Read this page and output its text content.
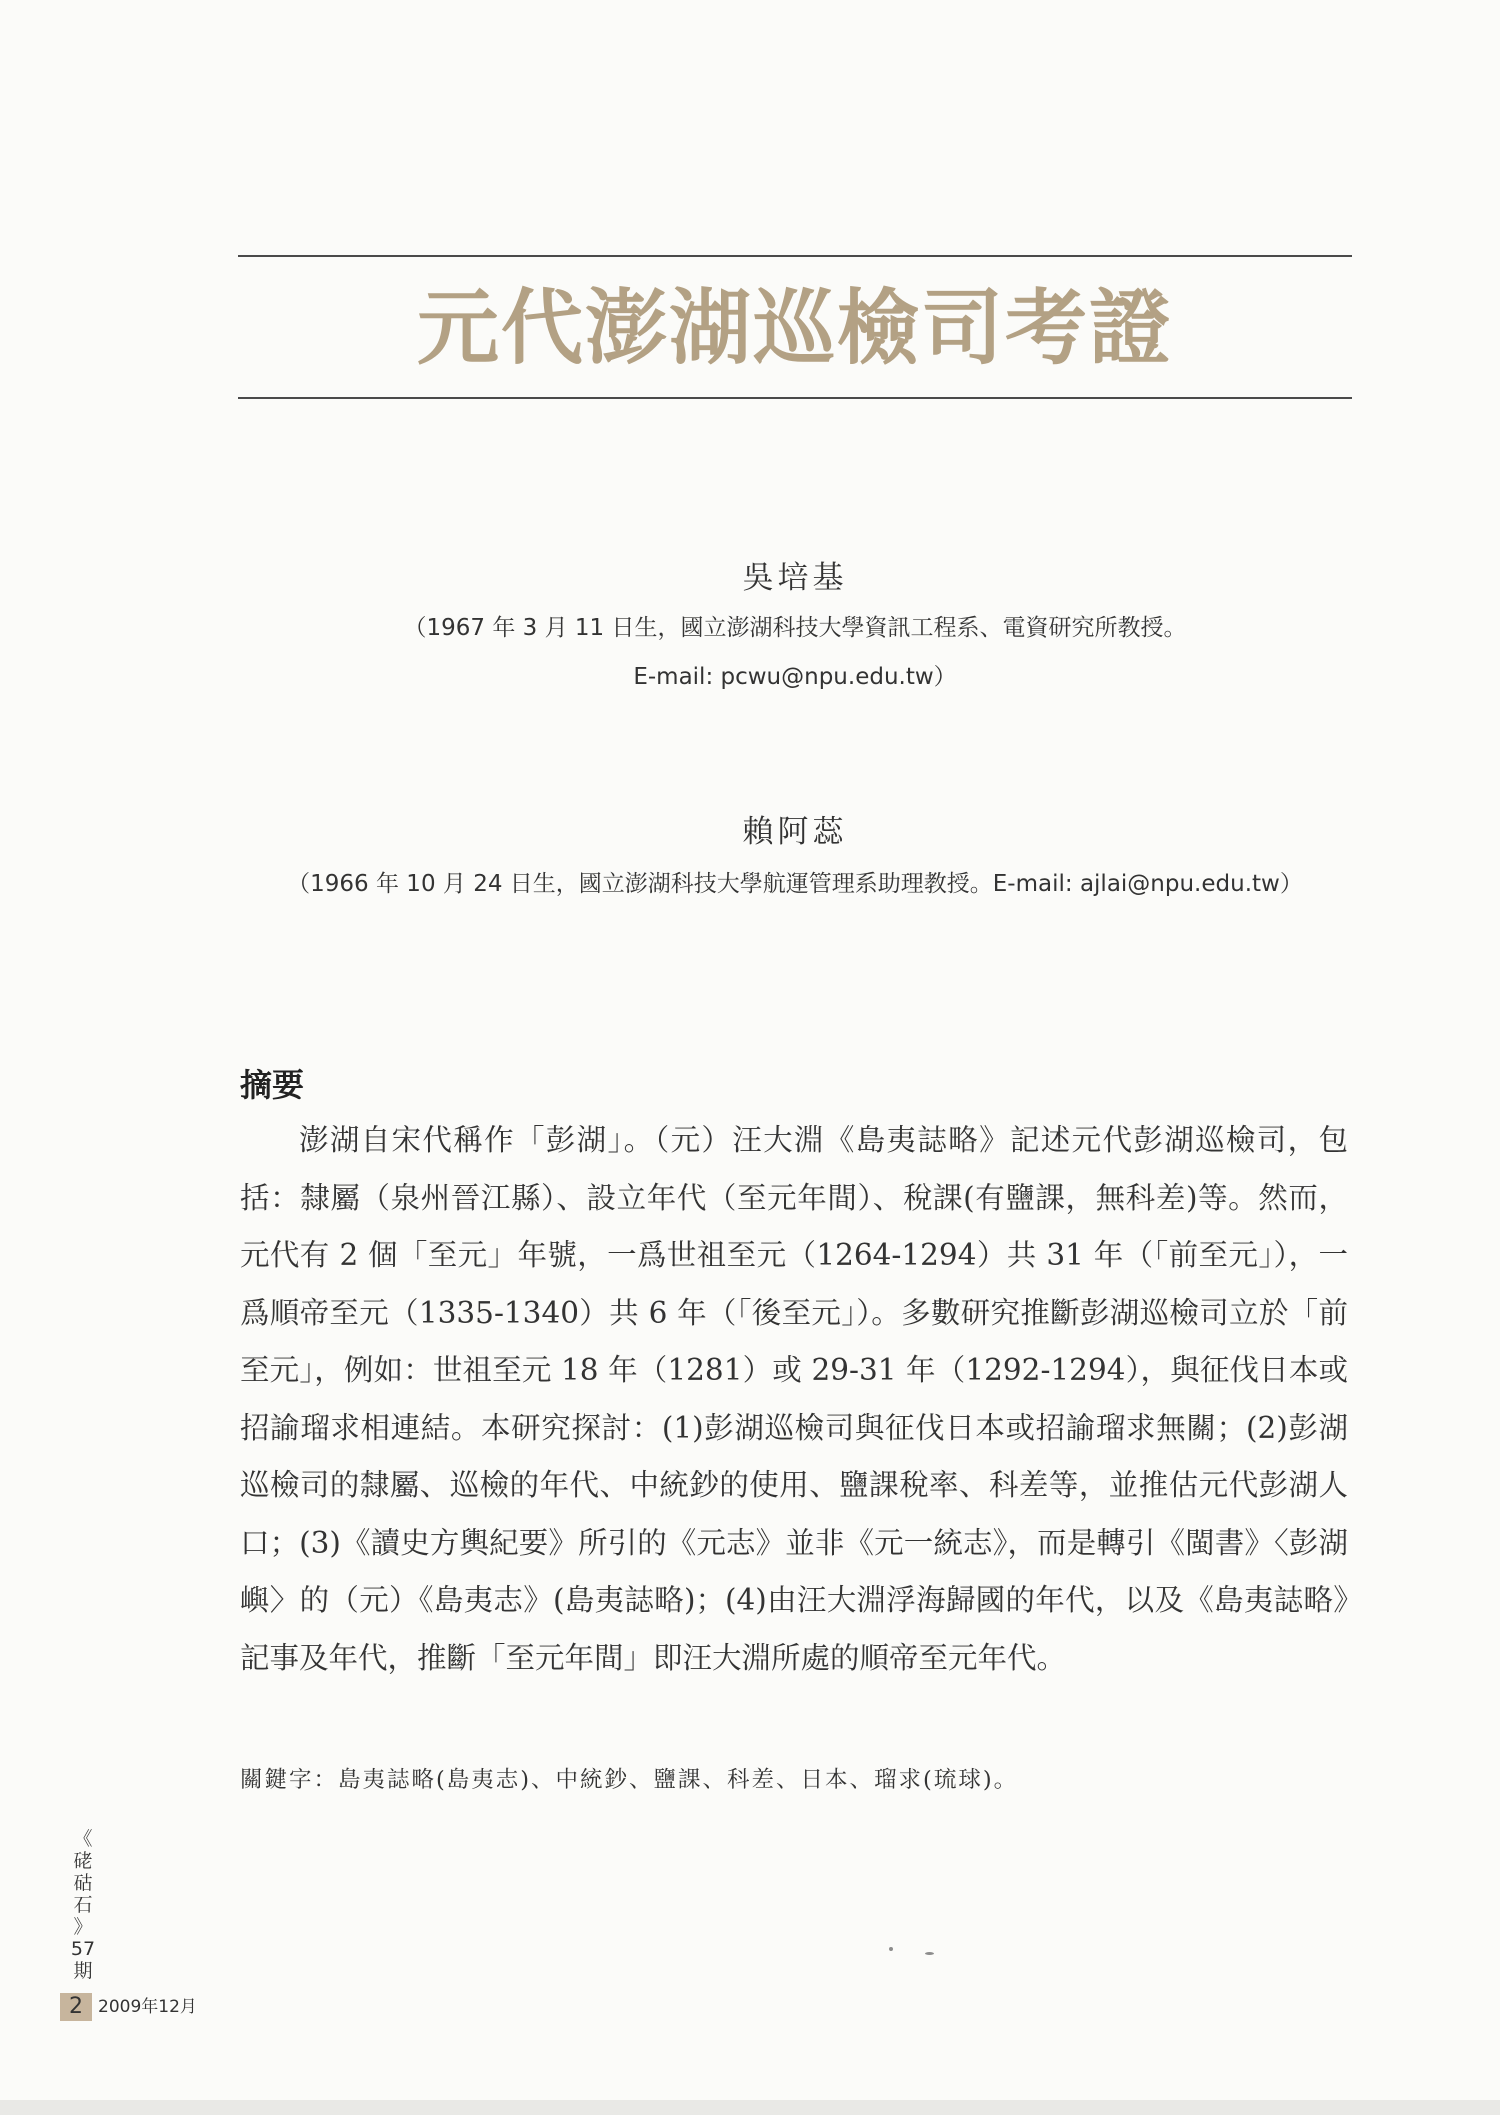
元代澎湖巡檢司考證
吳培基
（1967 年 3 月 11 日生，國立澎湖科技大學資訊工程系、電資研究所教授。
E-mail: pcwu@npu.edu.tw）
賴阿蕊
（1966 年 10 月 24 日生，國立澎湖科技大學航運管理系助理教授。E-mail: ajlai@npu.edu.tw）
摘要

澎湖自宋代稱作「彭湖」。（元）汪大淵《島夷誌略》記述元代彭湖巡檢司，包括：隸屬（泉州晉江縣）、設立年代（至元年間）、稅課(有鹽課，無科差)等。然而，元代有 2 個「至元」年號，一爲世祖至元（1264-1294）共 31 年（「前至元」），一爲順帝至元（1335-1340）共 6 年（「後至元」）。多數研究推斷彭湖巡檢司立於「前至元」，例如：世祖至元 18 年（1281）或 29-31 年（1292-1294），與征伐日本或招諭瑠求相連結。本研究探討：(1)彭湖巡檢司與征伐日本或招諭瑠求無關；(2)彭湖巡檢司的隸屬、巡檢的年代、中統鈔的使用、鹽課稅率、科差等，並推估元代彭湖人口；(3)《讀史方輿紀要》所引的《元志》並非《元一統志》，而是轉引《閩書》〈彭湖嶼〉的（元）《島夷志》(島夷誌略)；(4)由汪大淵浮海歸國的年代，以及《島夷誌略》記事及年代，推斷「至元年間」即汪大淵所處的順帝至元年代。

關鍵字：島夷誌略(島夷志)、中統鈔、鹽課、科差、日本、瑠求(琉球)。
《
硓
𥑮
石
》
57
期
2 2009年12月
